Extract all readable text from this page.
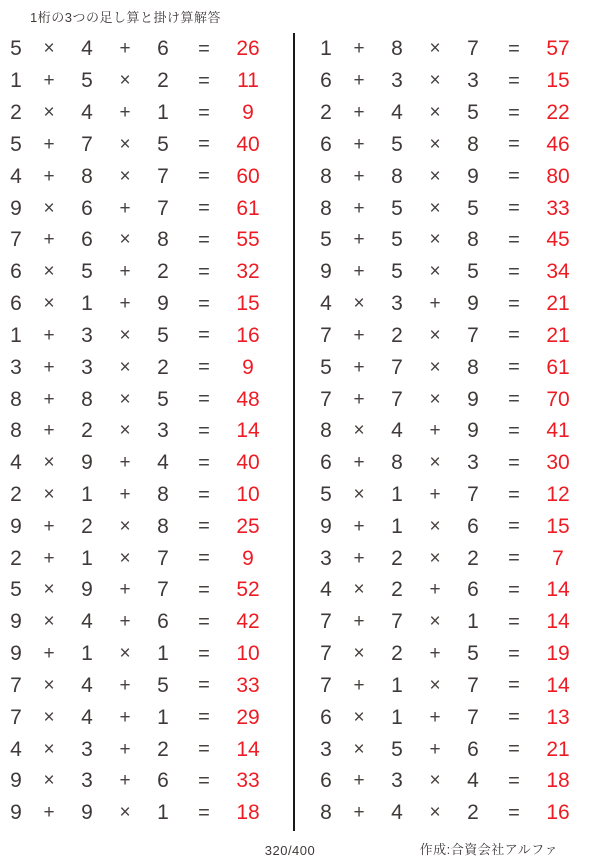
1桁の3つの足し算と掛け算解答
5	×	4	+	6	=	26
1	+	5	×	2	=	11
2	×	4	+	1	=	9
5	+	7	×	5	=	40
4	+	8	×	7	=	60
9	×	6	+	7	=	61
7	+	6	×	8	=	55
6	×	5	+	2	=	32
6	×	1	+	9	=	15
1	+	3	×	5	=	16
3	+	3	×	2	=	9
8	+	8	×	5	=	48
8	+	2	×	3	=	14
4	×	9	+	4	=	40
2	×	1	+	8	=	10
9	+	2	×	8	=	25
2	+	1	×	7	=	9
5	×	9	+	7	=	52
9	×	4	+	6	=	42
9	+	1	×	1	=	10
7	×	4	+	5	=	33
7	×	4	+	1	=	29
4	×	3	+	2	=	14
9	×	3	+	6	=	33
9	+	9	×	1	=	18
1	+	8	×	7	=	57
6	+	3	×	3	=	15
2	+	4	×	5	=	22
6	+	5	×	8	=	46
8	+	8	×	9	=	80
8	+	5	×	5	=	33
5	+	5	×	8	=	45
9	+	5	×	5	=	34
4	×	3	+	9	=	21
7	+	2	×	7	=	21
5	+	7	×	8	=	61
7	+	7	×	9	=	70
8	×	4	+	9	=	41
6	+	8	×	3	=	30
5	×	1	+	7	=	12
9	+	1	×	6	=	15
3	+	2	×	2	=	7
4	×	2	+	6	=	14
7	+	7	×	1	=	14
7	×	2	+	5	=	19
7	+	1	×	7	=	14
6	×	1	+	7	=	13
3	×	5	+	6	=	21
6	+	3	×	4	=	18
8	+	4	×	2	=	16
320/400	作成:合資会社アルファ
